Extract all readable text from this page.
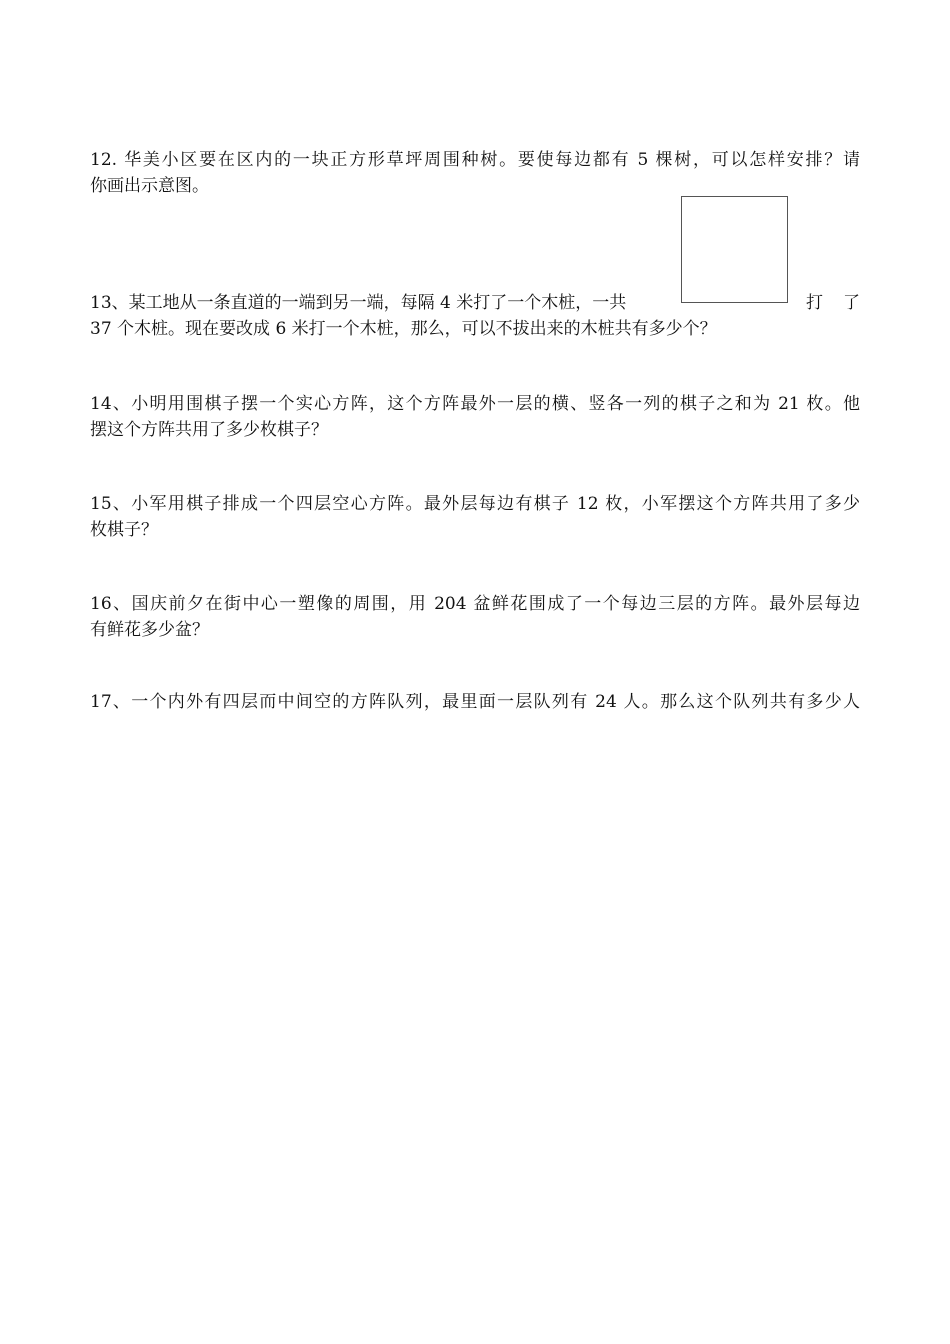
12. 华美小区要在区内的一块正方形草坪周围种树。要使每边都有 5 棵树，可以怎样安排？请
你画出示意图。
13、某工地从一条直道的一端到另一端，每隔 4 米打了一个木桩，一共	打 了
37 个木桩。现在要改成 6 米打一个木桩，那么，可以不拔出来的木桩共有多少个？
14、小明用围棋子摆一个实心方阵，这个方阵最外一层的横、竖各一列的棋子之和为 21 枚。他
摆这个方阵共用了多少枚棋子？
15、小军用棋子排成一个四层空心方阵。最外层每边有棋子 12 枚，小军摆这个方阵共用了多少
枚棋子？
16、国庆前夕在街中心一塑像的周围，用 204 盆鲜花围成了一个每边三层的方阵。最外层每边
有鲜花多少盆？
17、一个内外有四层而中间空的方阵队列，最里面一层队列有 24 人。那么这个队列共有多少人
